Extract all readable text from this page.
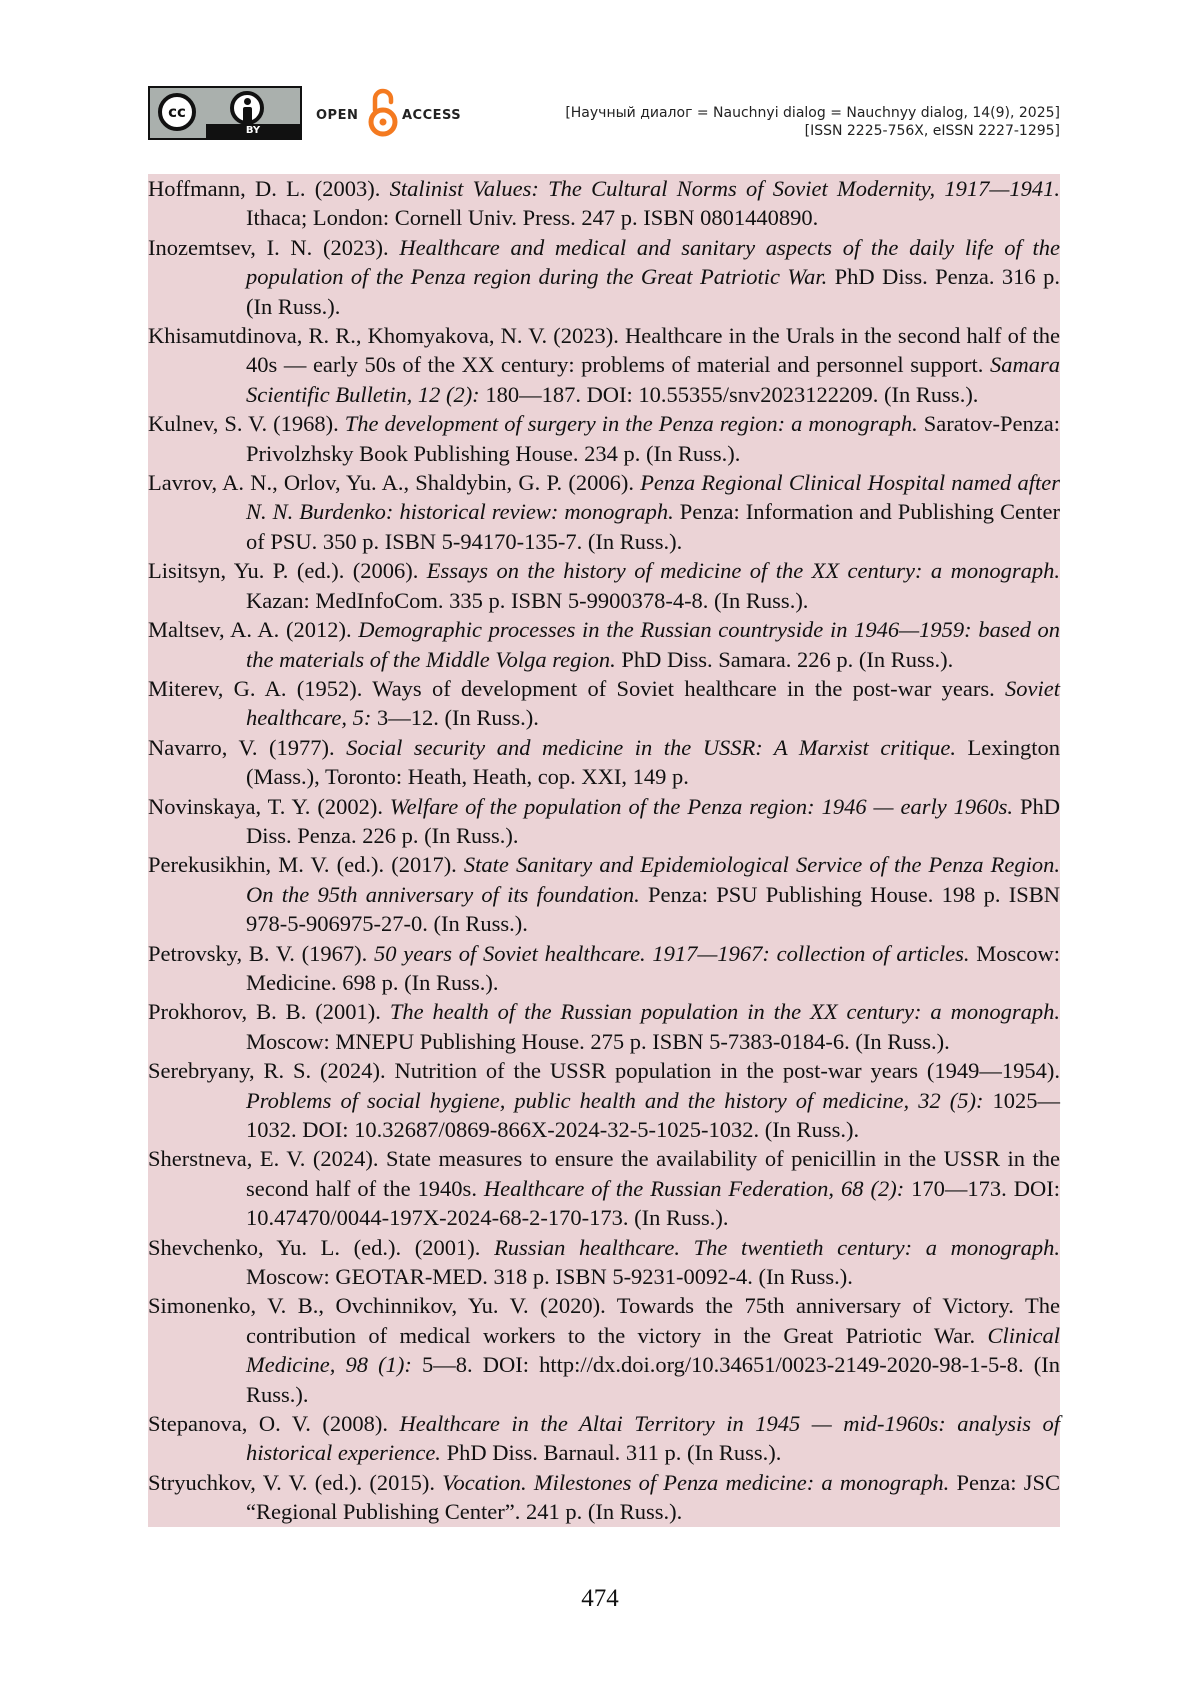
cc
BY
OPEN	ACCESS	[Научный диалог = Nauchnyi dialog = Nauchnyy dialog, 14(9), 2025]
[ISSN 2225-756X, eISSN 2227-1295]

Hoffmann, D. L. (2003). Stalinist Values: The Cultural Norms of Soviet Modernity, 1917—1941. Ithaca; London: Cornell Univ. Press. 247 p. ISBN 0801440890.

Inozemtsev, I. N. (2023). Healthcare and medical and sanitary aspects of the daily life of the population of the Penza region during the Great Patriotic War. PhD Diss. Penza. 316 p. (In Russ.).

Khisamutdinova, R. R., Khomyakova, N. V. (2023). Healthcare in the Urals in the second half of the 40s — early 50s of the XX century: problems of material and personnel support. Samara Scientific Bulletin, 12 (2): 180—187. DOI: 10.55355/snv2023122209. (In Russ.).

Kulnev, S. V. (1968). The development of surgery in the Penza region: a monograph. Saratov-Penza: Privolzhsky Book Publishing House. 234 p. (In Russ.).

Lavrov, A. N., Orlov, Yu. A., Shaldybin, G. P. (2006). Penza Regional Clinical Hospital named after N. N. Burdenko: historical review: monograph. Penza: Information and Publishing Center of PSU. 350 p. ISBN 5-94170-135-7. (In Russ.).

Lisitsyn, Yu. P. (ed.). (2006). Essays on the history of medicine of the XX century: a monograph. Kazan: MedInfoCom. 335 p. ISBN 5-9900378-4-8. (In Russ.).

Maltsev, A. A. (2012). Demographic processes in the Russian countryside in 1946—1959: based on the materials of the Middle Volga region. PhD Diss. Samara. 226 p. (In Russ.).

Miterev, G. A. (1952). Ways of development of Soviet healthcare in the post-war years. Soviet healthcare, 5: 3—12. (In Russ.).

Navarro, V. (1977). Social security and medicine in the USSR: A Marxist critique. Lexington (Mass.), Toronto: Heath, Heath, cop. XXI, 149 p.

Novinskaya, T. Y. (2002). Welfare of the population of the Penza region: 1946 — early 1960s. PhD Diss. Penza. 226 p. (In Russ.).

Perekusikhin, M. V. (ed.). (2017). State Sanitary and Epidemiological Service of the Penza Region. On the 95th anniversary of its foundation. Penza: PSU Publishing House. 198 p. ISBN 978-5-906975-27-0. (In Russ.).

Petrovsky, B. V. (1967). 50 years of Soviet healthcare. 1917—1967: collection of articles. Moscow: Medicine. 698 p. (In Russ.).

Prokhorov, B. B. (2001). The health of the Russian population in the XX century: a monograph. Moscow: MNEPU Publishing House. 275 p. ISBN 5-7383-0184-6. (In Russ.).

Serebryany, R. S. (2024). Nutrition of the USSR population in the post-war years (1949—1954). Problems of social hygiene, public health and the history of medicine, 32 (5): 1025—1032. DOI: 10.32687/0869-866X-2024-32-5-1025-1032. (In Russ.).

Sherstneva, E. V. (2024). State measures to ensure the availability of penicillin in the USSR in the second half of the 1940s. Healthcare of the Russian Federation, 68 (2): 170—173. DOI: 10.47470/0044-197X-2024-68-2-170-173. (In Russ.).

Shevchenko, Yu. L. (ed.). (2001). Russian healthcare. The twentieth century: a monograph. Moscow: GEOTAR-MED. 318 p. ISBN 5-9231-0092-4. (In Russ.).

Simonenko, V. B., Ovchinnikov, Yu. V. (2020). Towards the 75th anniversary of Victory. The contribution of medical workers to the victory in the Great Patriotic War. Clinical Medicine, 98 (1): 5—8. DOI: http://dx.doi.org/10.34651/0023-2149-2020-98-1-5-8. (In Russ.).

Stepanova, O. V. (2008). Healthcare in the Altai Territory in 1945 — mid-1960s: analysis of historical experience. PhD Diss. Barnaul. 311 p. (In Russ.).

Stryuchkov, V. V. (ed.). (2015). Vocation. Milestones of Penza medicine: a monograph. Penza: JSC “Regional Publishing Center”. 241 p. (In Russ.).

474
